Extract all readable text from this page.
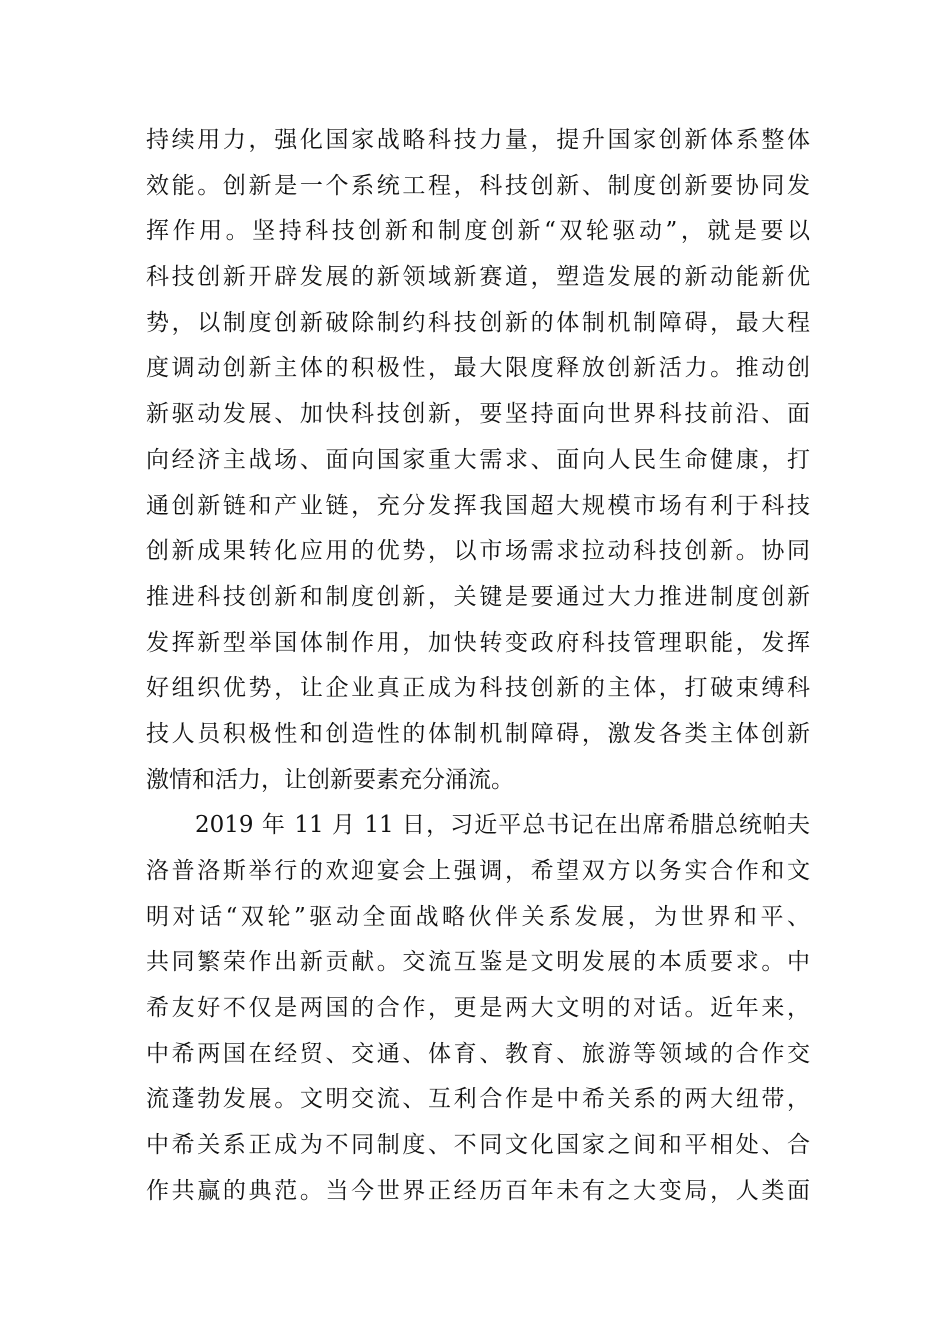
持续用力，强化国家战略科技力量，提升国家创新体系整体
效能。创新是一个系统工程，科技创新、制度创新要协同发
挥作用。坚持科技创新和制度创新“双轮驱动”，就是要以
科技创新开辟发展的新领域新赛道，塑造发展的新动能新优
势，以制度创新破除制约科技创新的体制机制障碍，最大程
度调动创新主体的积极性，最大限度释放创新活力。推动创
新驱动发展、加快科技创新，要坚持面向世界科技前沿、面
向经济主战场、面向国家重大需求、面向人民生命健康，打
通创新链和产业链，充分发挥我国超大规模市场有利于科技
创新成果转化应用的优势，以市场需求拉动科技创新。协同
推进科技创新和制度创新，关键是要通过大力推进制度创新
发挥新型举国体制作用，加快转变政府科技管理职能，发挥
好组织优势，让企业真正成为科技创新的主体，打破束缚科
技人员积极性和创造性的体制机制障碍，激发各类主体创新
激情和活力，让创新要素充分涌流。
2019 年 11 月 11 日，习近平总书记在出席希腊总统帕夫
洛普洛斯举行的欢迎宴会上强调，希望双方以务实合作和文
明对话“双轮”驱动全面战略伙伴关系发展，为世界和平、
共同繁荣作出新贡献。交流互鉴是文明发展的本质要求。中
希友好不仅是两国的合作，更是两大文明的对话。近年来，
中希两国在经贸、交通、体育、教育、旅游等领域的合作交
流蓬勃发展。文明交流、互利合作是中希关系的两大纽带，
中希关系正成为不同制度、不同文化国家之间和平相处、合
作共赢的典范。当今世界正经历百年未有之大变局，人类面
